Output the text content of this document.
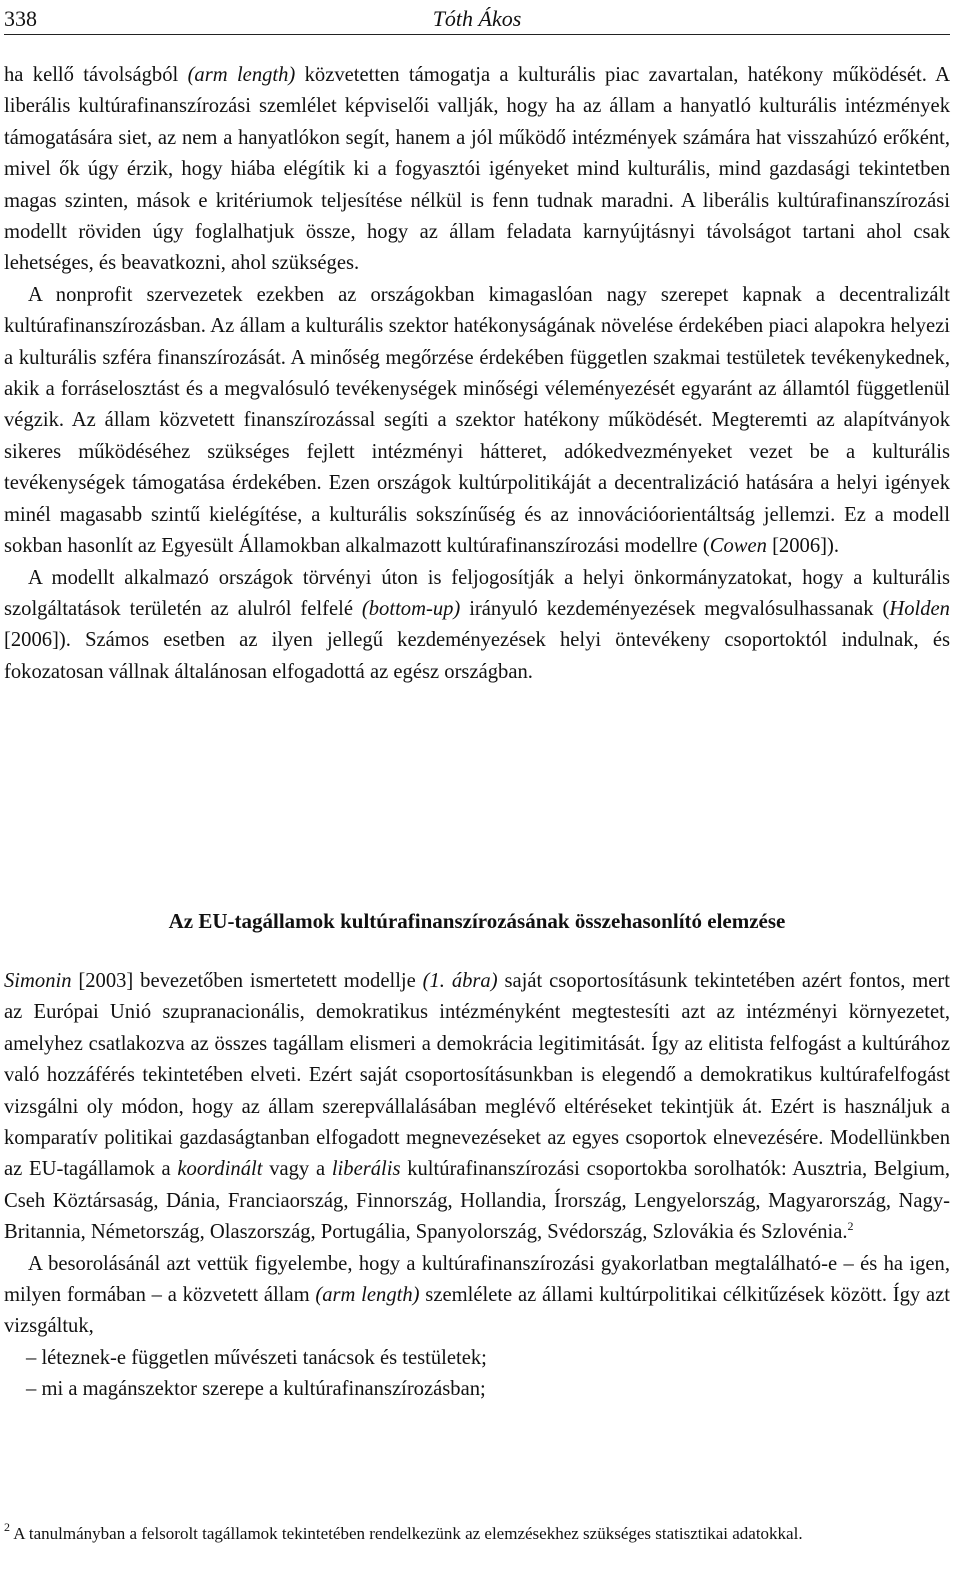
338	Tóth Ákos

ha kellő távolságból (arm length) közvetetten támogatja a kulturális piac zavartalan, hatékony működését. A liberális kultúrafinanszírozási szemlélet képviselői vallják, hogy ha az állam a hanyatló kulturális intézmények támogatására siet, az nem a hanyatlókon segít, hanem a jól működő intézmények számára hat visszahúzó erőként, mivel ők úgy érzik, hogy hiába elégítik ki a fogyasztói igényeket mind kulturális, mind gazdasági tekintetben magas szinten, mások e kritériumok teljesítése nélkül is fenn tudnak maradni. A liberális kultúrafinanszírozási modellt röviden úgy foglalhatjuk össze, hogy az állam feladata karnyújtásnyi távolságot tartani ahol csak lehetséges, és beavatkozni, ahol szükséges.

A nonprofit szervezetek ezekben az országokban kimagaslóan nagy szerepet kapnak a decentralizált kultúrafinanszírozásban. Az állam a kulturális szektor hatékonyságának növelése érdekében piaci alapokra helyezi a kulturális szféra finanszírozását. A minőség megőrzése érdekében független szakmai testületek tevékenykednek, akik a forráselosztást és a megvalósuló tevékenységek minőségi véleményezését egyaránt az államtól függetlenül végzik. Az állam közvetett finanszírozással segíti a szektor hatékony működését. Megteremti az alapítványok sikeres működéséhez szükséges fejlett intézményi hátteret, adókedvezményeket vezet be a kulturális tevékenységek támogatása érdekében. Ezen országok kultúrpolitikáját a decentralizáció hatására a helyi igények minél magasabb szintű kielégítése, a kulturális sokszínűség és az innovációorientáltság jellemzi. Ez a modell sokban hasonlít az Egyesült Államokban alkalmazott kultúrafinanszírozási modellre (Cowen [2006]).

A modellt alkalmazó országok törvényi úton is feljogosítják a helyi önkormányzatokat, hogy a kulturális szolgáltatások területén az alulról felfelé (bottom-up) irányuló kezdeményezések megvalósulhassanak (Holden [2006]). Számos esetben az ilyen jellegű kezdeményezések helyi öntevékeny csoportoktól indulnak, és fokozatosan vállnak általánosan elfogadottá az egész országban.

Az EU-tagállamok kultúrafinanszírozásának összehasonlító elemzése

Simonin [2003] bevezetőben ismertetett modellje (1. ábra) saját csoportosításunk tekintetében azért fontos, mert az Európai Unió szupranacionális, demokratikus intézményként megtestesíti azt az intézményi környezetet, amelyhez csatlakozva az összes tagállam elismeri a demokrácia legitimitását. Így az elitista felfogást a kultúrához való hozzáférés tekintetében elveti. Ezért saját csoportosításunkban is elegendő a demokratikus kultúrafelfogást vizsgálni oly módon, hogy az állam szerepvállalásában meglévő eltéréseket tekintjük át. Ezért is használjuk a komparatív politikai gazdaságtanban elfogadott megnevezéseket az egyes csoportok elnevezésére. Modellünkben az EU-tagállamok a koordinált vagy a liberális kultúrafinanszírozási csoportokba sorolhatók: Ausztria, Belgium, Cseh Köztársaság, Dánia, Franciaország, Finnország, Hollandia, Írország, Lengyelország, Magyarország, Nagy-Britannia, Németország, Olaszország, Portugália, Spanyolország, Svédország, Szlovákia és Szlovénia.$^2$

A besorolásánál azt vettük figyelembe, hogy a kultúrafinanszírozási gyakorlatban megtalálható-e – és ha igen, milyen formában – a közvetett állam (arm length) szemlélete az állami kultúrpolitikai célkitűzések között. Így azt vizsgáltuk,

– léteznek-e független művészeti tanácsok és testületek;
– mi a magánszektor szerepe a kultúrafinanszírozásban;
$^2$ A tanulmányban a felsorolt tagállamok tekintetében rendelkezünk az elemzésekhez szükséges statisztikai adatokkal.
